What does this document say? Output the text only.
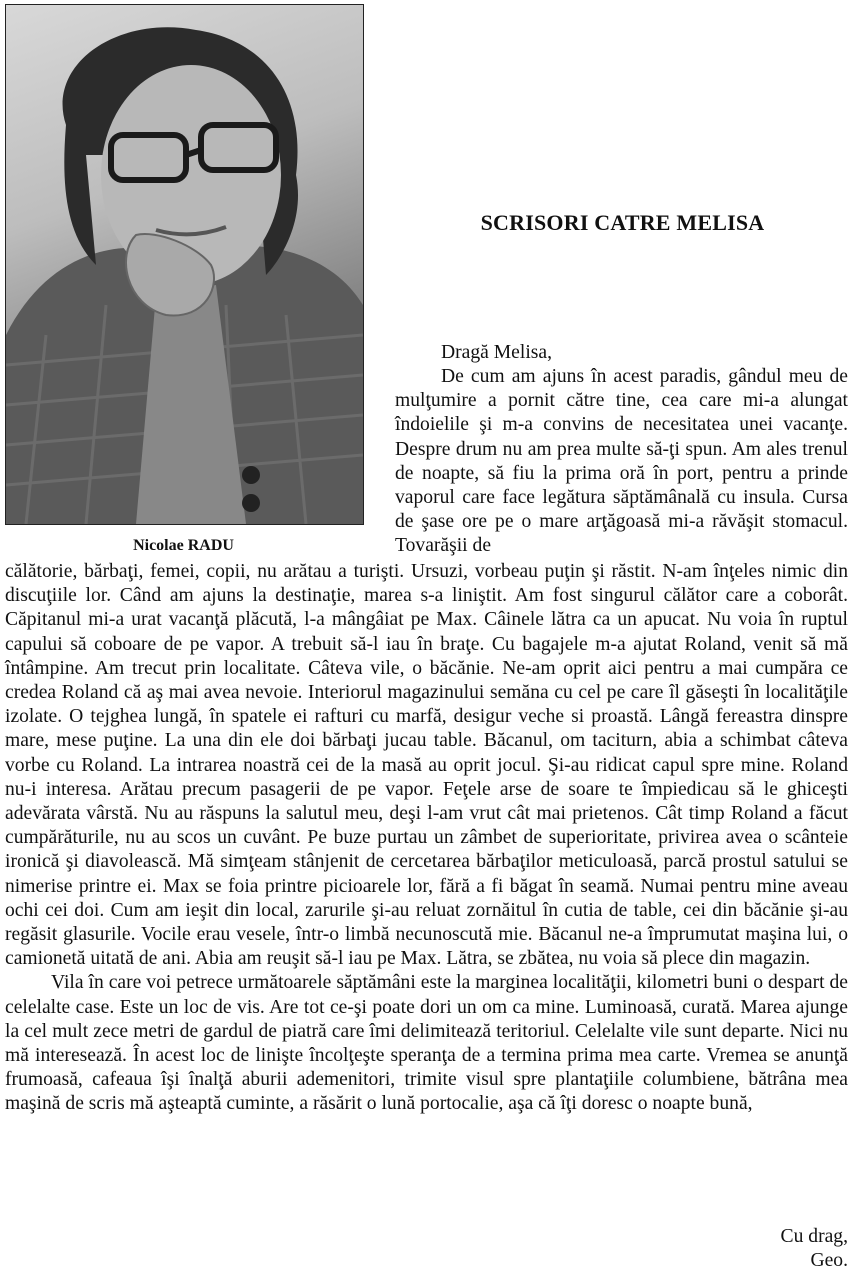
Nicolae RADU
SCRISORI CATRE MELISA
Dragă Melisa,

De cum am ajuns în acest paradis, gândul meu de mulţumire a pornit către tine, cea care mi-a alungat îndoielile şi m-a convins de necesitatea unei vacanţe. Despre drum nu am prea multe să-ţi spun. Am ales trenul de noapte, să fiu la prima oră în port, pentru a prinde vaporul care face legătura săptămânală cu insula. Cursa de şase ore pe o mare arţăgoasă mi-a răvăşit stomacul. Tovarăşii de

călătorie, bărbaţi, femei, copii, nu arătau a turişti. Ursuzi, vorbeau puţin şi răstit. N-am înţeles nimic din discuţiile lor. Când am ajuns la destinaţie, marea s-a liniştit. Am fost singurul călător care a coborât. Căpitanul mi-a urat vacanţă plăcută, l-a mângâiat pe Max. Câinele lătra ca un apucat. Nu voia în ruptul capului să coboare de pe vapor. A trebuit să-l iau în braţe. Cu bagajele m-a ajutat Roland, venit să mă întâmpine. Am trecut prin localitate. Câteva vile, o băcănie. Ne-am oprit aici pentru a mai cumpăra ce credea Roland că aş mai avea nevoie. Interiorul magazinului semăna cu cel pe care îl găseşti în localităţile izolate. O tejghea lungă, în spatele ei rafturi cu marfă, desigur veche si proastă. Lângă fereastra dinspre mare, mese puţine. La una din ele doi bărbaţi jucau table. Băcanul, om taciturn, abia a schimbat câteva vorbe cu Roland. La intrarea noastră cei de la masă au oprit jocul. Şi-au ridicat capul spre mine. Roland nu-i interesa. Arătau precum pasagerii de pe vapor. Feţele arse de soare te împiedicau să le ghiceşti adevărata vârstă. Nu au răspuns la salutul meu, deşi l-am vrut cât mai prietenos. Cât timp Roland a făcut cumpărăturile, nu au scos un cuvânt. Pe buze purtau un zâmbet de superioritate, privirea avea o scânteie ironică şi diavolească. Mă simţeam stânjenit de cercetarea bărbaţilor meticuloasă, parcă prostul satului se nimerise printre ei. Max se foia printre picioarele lor, fără a fi băgat în seamă. Numai pentru mine aveau ochi cei doi. Cum am ieşit din local, zarurile şi-au reluat zornăitul în cutia de table, cei din băcănie şi-au regăsit glasurile. Vocile erau vesele, într-o limbă necunoscută mie. Băcanul ne-a împrumutat maşina lui, o camionetă uitată de ani. Abia am reuşit să-l iau pe Max. Lătra, se zbătea, nu voia să plece din magazin.

Vila în care voi petrece următoarele săptămâni este la marginea localităţii, kilometri buni o despart de celelalte case. Este un loc de vis. Are tot ce-şi poate dori un om ca mine. Luminoasă, curată. Marea ajunge la cel mult zece metri de gardul de piatră care îmi delimitează teritoriul. Celelalte vile sunt departe. Nici nu mă interesează. În acest loc de linişte încolţeşte speranţa de a termina prima mea carte. Vremea se anunţă frumoasă, cafeaua îşi înalţă aburii ademenitori, trimite visul spre plantaţiile columbiene, bătrâna mea maşină de scris mă aşteaptă cuminte, a răsărit o lună portocalie, aşa că îţi doresc o noapte bună,

Cu drag,
Geo.
